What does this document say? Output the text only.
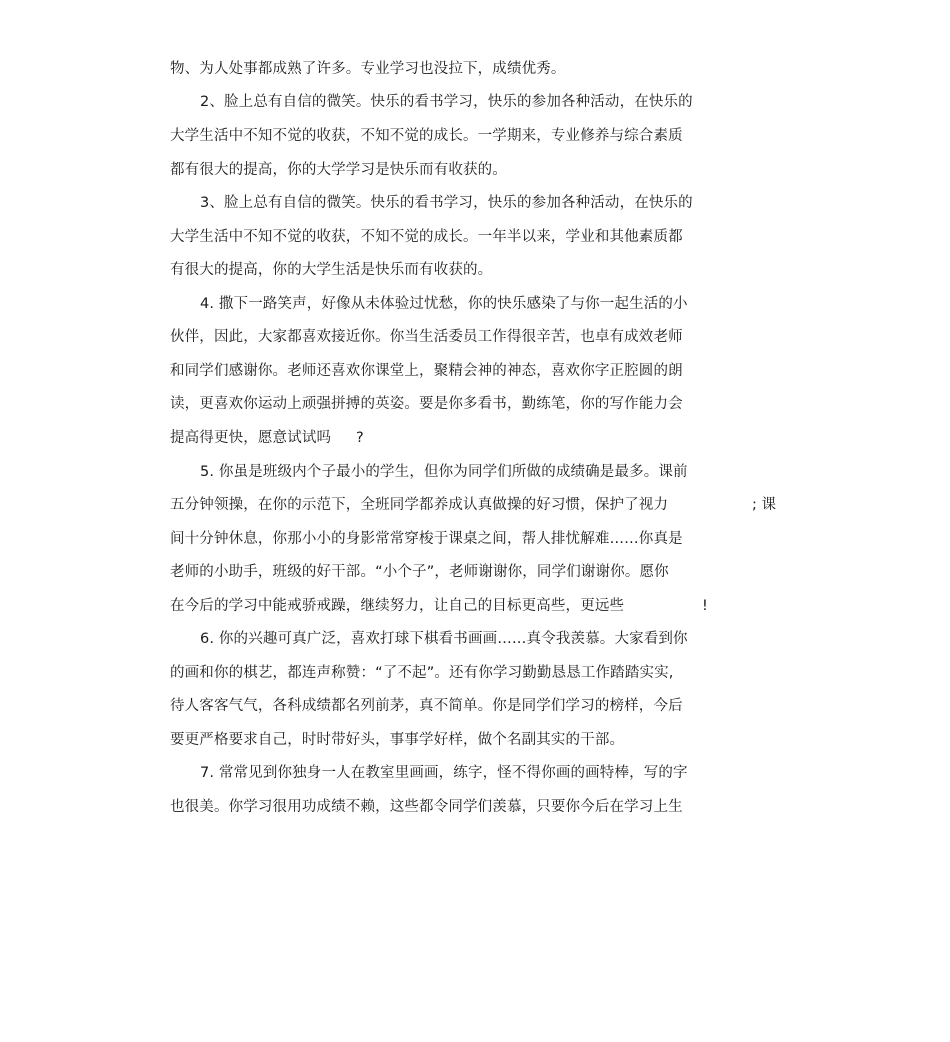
物、为人处事都成熟了许多。专业学习也没拉下，成绩优秀。
2、脸上总有自信的微笑。快乐的看书学习，快乐的参加各种活动，在快乐的
大学生活中不知不觉的收获，不知不觉的成长。一学期来，专业修养与综合素质
都有很大的提高，你的大学学习是快乐而有收获的。
3、脸上总有自信的微笑。快乐的看书学习，快乐的参加各种活动，在快乐的
大学生活中不知不觉的收获，不知不觉的成长。一年半以来，学业和其他素质都
有很大的提高，你的大学生活是快乐而有收获的。
4. 撒下一路笑声，好像从未体验过忧愁，你的快乐感染了与你一起生活的小
伙伴，因此，大家都喜欢接近你。你当生活委员工作得很辛苦，也卓有成效老师
和同学们感谢你。老师还喜欢你课堂上，聚精会神的神态，喜欢你字正腔圆的朗
读，更喜欢你运动上顽强拼搏的英姿。要是你多看书，勤练笔，你的写作能力会
提高得更快，愿意试试吗 ?
5. 你虽是班级内个子最小的学生，但你为同学们所做的成绩确是最多。课前
五分钟领操，在你的示范下，全班同学都养成认真做操的好习惯，保护了视力	; 课
间十分钟休息，你那小小的身影常常穿梭于课桌之间，帮人排忧解难……你真是
老师的小助手，班级的好干部。“小个子”，老师谢谢你，同学们谢谢你。愿你
在今后的学习中能戒骄戒躁，继续努力，让自己的目标更高些，更远些	!
6. 你的兴趣可真广泛，喜欢打球下棋看书画画……真令我羡慕。大家看到你
的画和你的棋艺，都连声称赞：“了不起”。还有你学习勤勤恳恳工作踏踏实实,
待人客客气气，各科成绩都名列前茅，真不简单。你是同学们学习的榜样，今后
要更严格要求自己，时时带好头，事事学好样，做个名副其实的干部。
7. 常常见到你独身一人在教室里画画，练字，怪不得你画的画特棒，写的字
也很美。你学习很用功成绩不赖，这些都令同学们羡慕，只要你今后在学习上生
